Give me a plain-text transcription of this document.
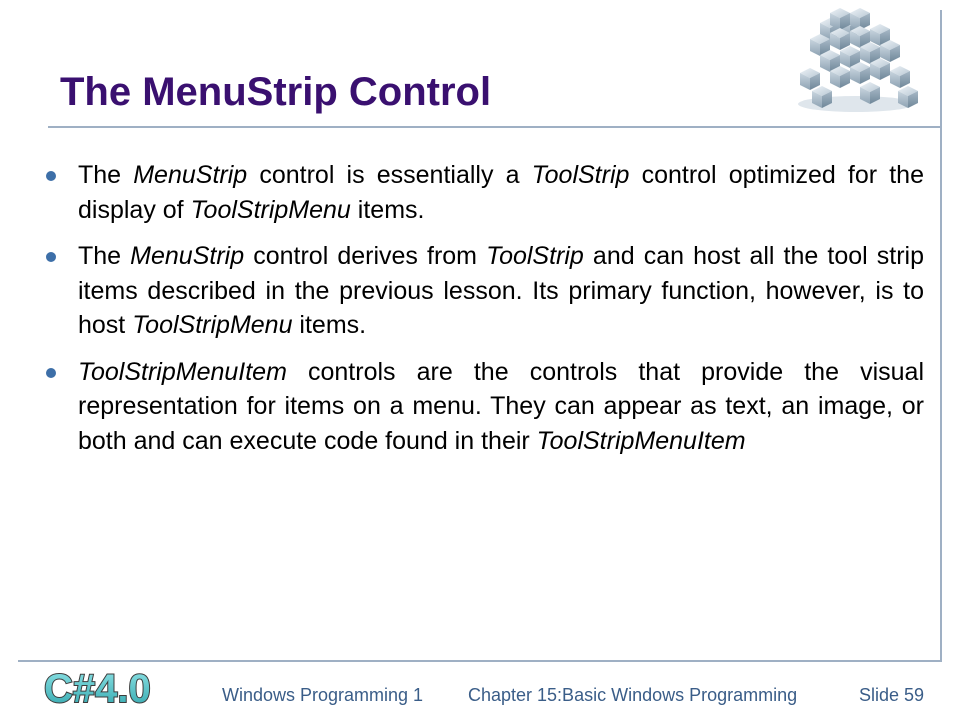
The MenuStrip Control
The MenuStrip control is essentially a ToolStrip control optimized for the display of ToolStripMenu items.
The MenuStrip control derives from ToolStrip and can host all the tool strip items described in the previous lesson. Its primary function, however, is to host ToolStripMenu items.
ToolStripMenuItem controls are the controls that provide the visual representation for items on a menu. They can appear as text, an image, or both and can execute code found in their ToolStripMenuItem
C#4.0	Windows Programming 1 Chapter 15:Basic Windows Programming	Slide 59
